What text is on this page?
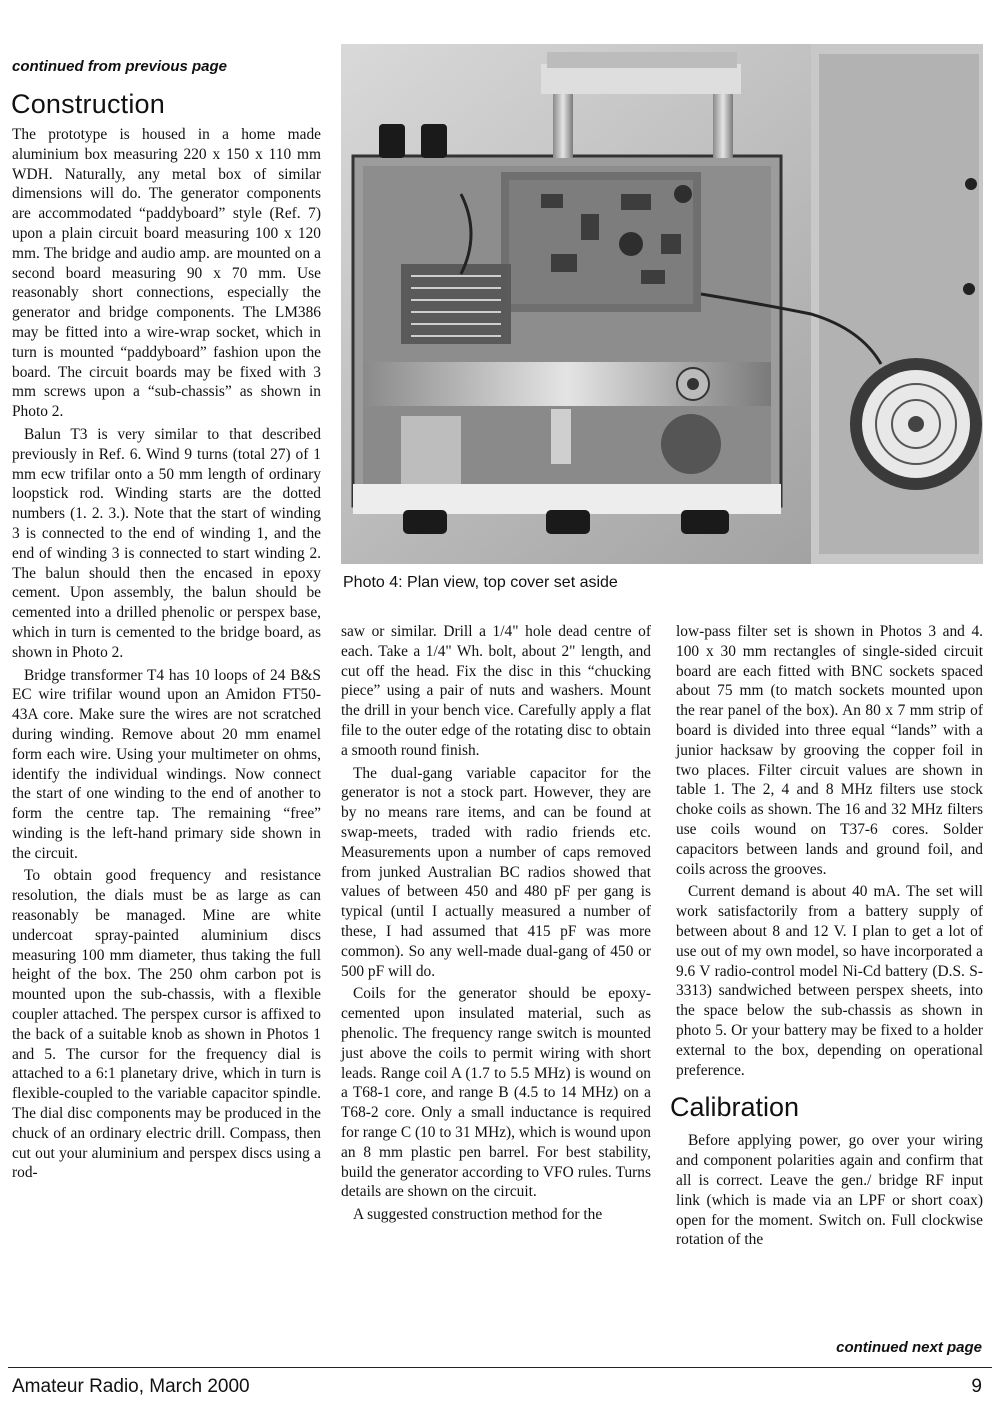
continued from previous page
Construction

The prototype is housed in a home made aluminium box measuring 220 x 150 x 110 mm WDH. Naturally, any metal box of similar dimensions will do. The generator components are accommodated “paddyboard” style (Ref. 7) upon a plain circuit board measuring 100 x 120 mm. The bridge and audio amp. are mounted on a second board measuring 90 x 70 mm. Use reasonably short connections, especially the generator and bridge components. The LM386 may be fitted into a wire-wrap socket, which in turn is mounted “paddyboard” fashion upon the board. The circuit boards may be fixed with 3 mm screws upon a “sub-chassis” as shown in Photo 2.

Balun T3 is very similar to that described previously in Ref. 6. Wind 9 turns (total 27) of 1 mm ecw trifilar onto a 50 mm length of ordinary loopstick rod. Winding starts are the dotted numbers (1. 2. 3.). Note that the start of winding 3 is connected to the end of winding 1, and the end of winding 3 is connected to start winding 2. The balun should then the encased in epoxy cement. Upon assembly, the balun should be cemented into a drilled phenolic or perspex base, which in turn is cemented to the bridge board, as shown in Photo 2.

Bridge transformer T4 has 10 loops of 24 B&S EC wire trifilar wound upon an Amidon FT50-43A core. Make sure the wires are not scratched during winding. Remove about 20 mm enamel form each wire. Using your multimeter on ohms, identify the individual windings. Now connect the start of one winding to the end of another to form the centre tap. The remaining “free” winding is the left-hand primary side shown in the circuit.

To obtain good frequency and resistance resolution, the dials must be as large as can reasonably be managed. Mine are white undercoat spray-painted aluminium discs measuring 100 mm diameter, thus taking the full height of the box. The 250 ohm carbon pot is mounted upon the sub-chassis, with a flexible coupler attached. The perspex cursor is affixed to the back of a suitable knob as shown in Photos 1 and 5. The cursor for the frequency dial is attached to a 6:1 planetary drive, which in turn is flexible-coupled to the variable capacitor spindle. The dial disc components may be produced in the chuck of an ordinary electric drill. Compass, then cut out your aluminium and perspex discs using a rod-

Photo 4: Plan view, top cover set aside

saw or similar. Drill a 1/4" hole dead centre of each. Take a 1/4" Wh. bolt, about 2" length, and cut off the head. Fix the disc in this “chucking piece” using a pair of nuts and washers. Mount the drill in your bench vice. Carefully apply a flat file to the outer edge of the rotating disc to obtain a smooth round finish.

The dual-gang variable capacitor for the generator is not a stock part. However, they are by no means rare items, and can be found at swap-meets, traded with radio friends etc. Measurements upon a number of caps removed from junked Australian BC radios showed that values of between 450 and 480 pF per gang is typical (until I actually measured a number of these, I had assumed that 415 pF was more common). So any well-made dual-gang of 450 or 500 pF will do.

Coils for the generator should be epoxy-cemented upon insulated material, such as phenolic. The frequency range switch is mounted just above the coils to permit wiring with short leads. Range coil A (1.7 to 5.5 MHz) is wound on a T68-1 core, and range B (4.5 to 14 MHz) on a T68-2 core. Only a small inductance is required for range C (10 to 31 MHz), which is wound upon an 8 mm plastic pen barrel. For best stability, build the generator according to VFO rules. Turns details are shown on the circuit.

A suggested construction method for the

low-pass filter set is shown in Photos 3 and 4. 100 x 30 mm rectangles of single-sided circuit board are each fitted with BNC sockets spaced about 75 mm (to match sockets mounted upon the rear panel of the box). An 80 x 7 mm strip of board is divided into three equal “lands” with a junior hacksaw by grooving the copper foil in two places. Filter circuit values are shown in table 1. The 2, 4 and 8 MHz filters use stock choke coils as shown. The 16 and 32 MHz filters use coils wound on T37-6 cores. Solder capacitors between lands and ground foil, and coils across the grooves.

Current demand is about 40 mA. The set will work satisfactorily from a battery supply of between about 8 and 12 V. I plan to get a lot of use out of my own model, so have incorporated a 9.6 V radio-control model Ni-Cd battery (D.S. S-3313) sandwiched between perspex sheets, into the space below the sub-chassis as shown in photo 5. Or your battery may be fixed to a holder external to the box, depending on operational preference.

Calibration

Before applying power, go over your wiring and component polarities again and confirm that all is correct. Leave the gen./ bridge RF input link (which is made via an LPF or short coax) open for the moment. Switch on. Full clockwise rotation of the

continued next page
Amateur Radio, March 2000	9
